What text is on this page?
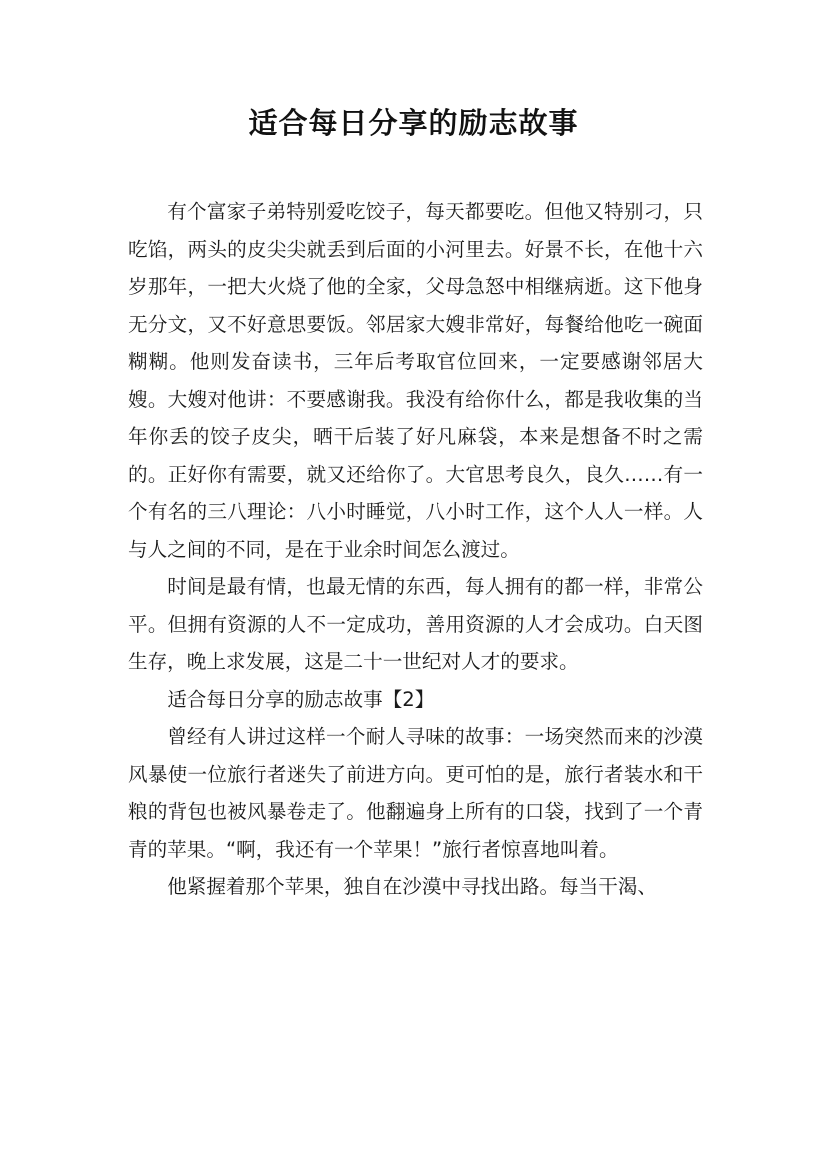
适合每日分享的励志故事

有个富家子弟特别爱吃饺子，每天都要吃。但他又特别刁，只吃馅，两头的皮尖尖就丢到后面的小河里去。好景不长，在他十六岁那年，一把大火烧了他的全家，父母急怒中相继病逝。这下他身无分文，又不好意思要饭。邻居家大嫂非常好，每餐给他吃一碗面糊糊。他则发奋读书，三年后考取官位回来，一定要感谢邻居大嫂。大嫂对他讲：不要感谢我。我没有给你什么，都是我收集的当年你丢的饺子皮尖，晒干后装了好凡麻袋，本来是想备不时之需的。正好你有需要，就又还给你了。大官思考良久，良久……有一个有名的三八理论：八小时睡觉，八小时工作，这个人人一样。人与人之间的不同，是在于业余时间怎么渡过。

时间是最有情，也最无情的东西，每人拥有的都一样，非常公平。但拥有资源的人不一定成功，善用资源的人才会成功。白天图生存，晚上求发展，这是二十一世纪对人才的要求。

适合每日分享的励志故事【2】

曾经有人讲过这样一个耐人寻味的故事：一场突然而来的沙漠风暴使一位旅行者迷失了前进方向。更可怕的是，旅行者装水和干粮的背包也被风暴卷走了。他翻遍身上所有的口袋，找到了一个青青的苹果。“啊，我还有一个苹果！”旅行者惊喜地叫着。

他紧握着那个苹果，独自在沙漠中寻找出路。每当干渴、
